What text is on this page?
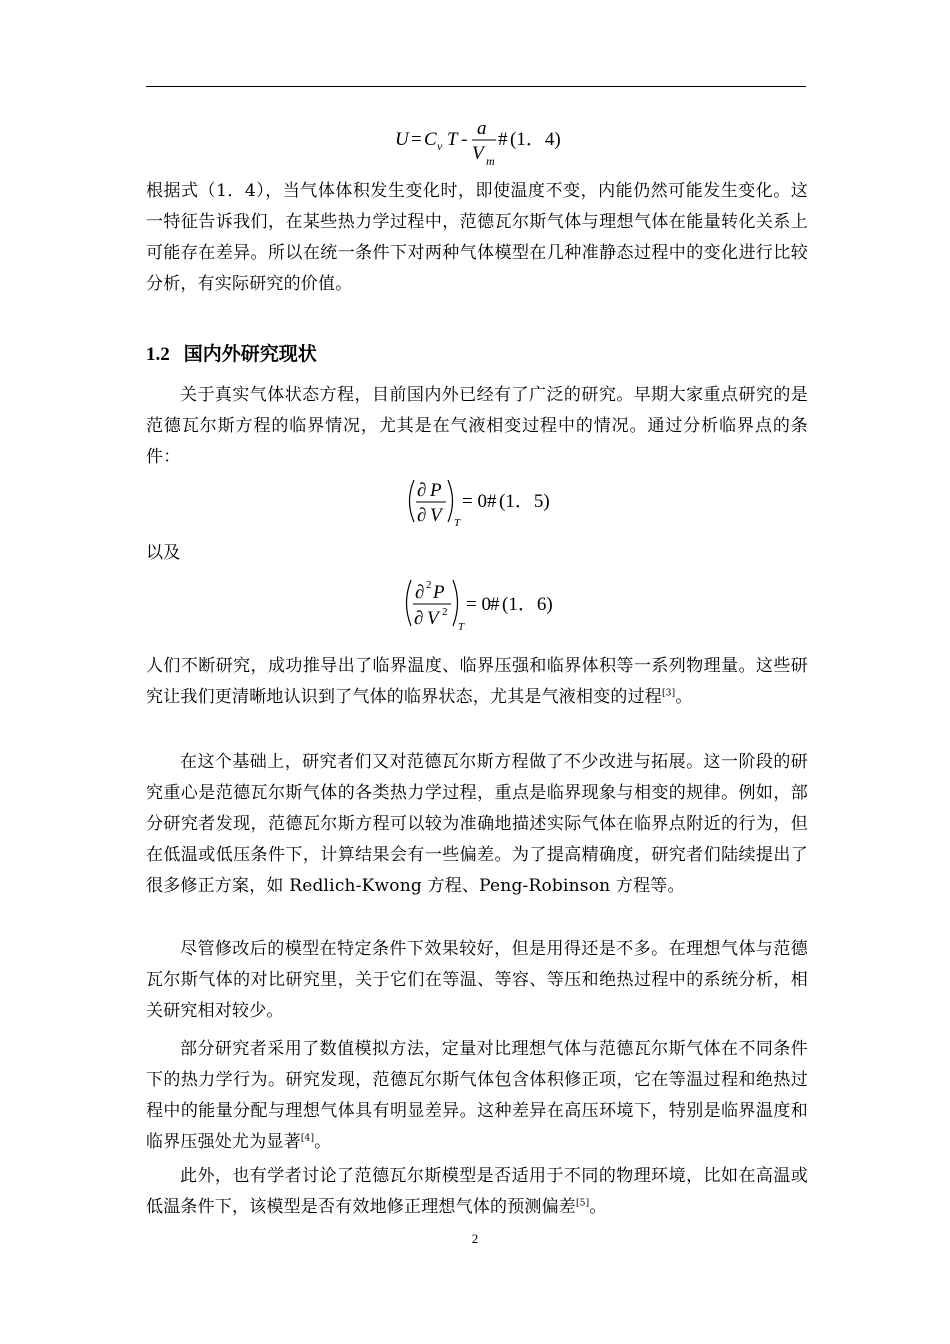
U = C v T -
a
V m
# (1．4)

根据式（1．4），当气体体积发生变化时，即使温度不变，内能仍然可能发生变化。这一特征告诉我们，在某些热力学过程中，范德瓦尔斯气体与理想气体在能量转化关系上可能存在差异。所以在统一条件下对两种气体模型在几种准静态过程中的变化进行比较分析，有实际研究的价值。

1.2 国内外研究现状

关于真实气体状态方程，目前国内外已经有了广泛的研究。早期大家重点研究的是范德瓦尔斯方程的临界情况，尤其是在气液相变过程中的情况。通过分析临界点的条件：

∂ P
∂ V T
= 0 # (1．5)

以及

∂ 2 P
∂ V 2
T
= 0 # (1．6)

人们不断研究，成功推导出了临界温度、临界压强和临界体积等一系列物理量。这些研究让我们更清晰地认识到了气体的临界状态，尤其是气液相变的过程[3]。

在这个基础上，研究者们又对范德瓦尔斯方程做了不少改进与拓展。这一阶段的研究重心是范德瓦尔斯气体的各类热力学过程，重点是临界现象与相变的规律。例如，部分研究者发现，范德瓦尔斯方程可以较为准确地描述实际气体在临界点附近的行为，但在低温或低压条件下，计算结果会有一些偏差。为了提高精确度，研究者们陆续提出了很多修正方案，如 Redlich-Kwong 方程、Peng-Robinson 方程等。

尽管修改后的模型在特定条件下效果较好，但是用得还是不多。在理想气体与范德瓦尔斯气体的对比研究里，关于它们在等温、等容、等压和绝热过程中的系统分析，相关研究相对较少。

部分研究者采用了数值模拟方法，定量对比理想气体与范德瓦尔斯气体在不同条件下的热力学行为。研究发现，范德瓦尔斯气体包含体积修正项，它在等温过程和绝热过程中的能量分配与理想气体具有明显差异。这种差异在高压环境下，特别是临界温度和临界压强处尤为显著[4]。

此外，也有学者讨论了范德瓦尔斯模型是否适用于不同的物理环境，比如在高温或低温条件下，该模型是否有效地修正理想气体的预测偏差[5]。

2
